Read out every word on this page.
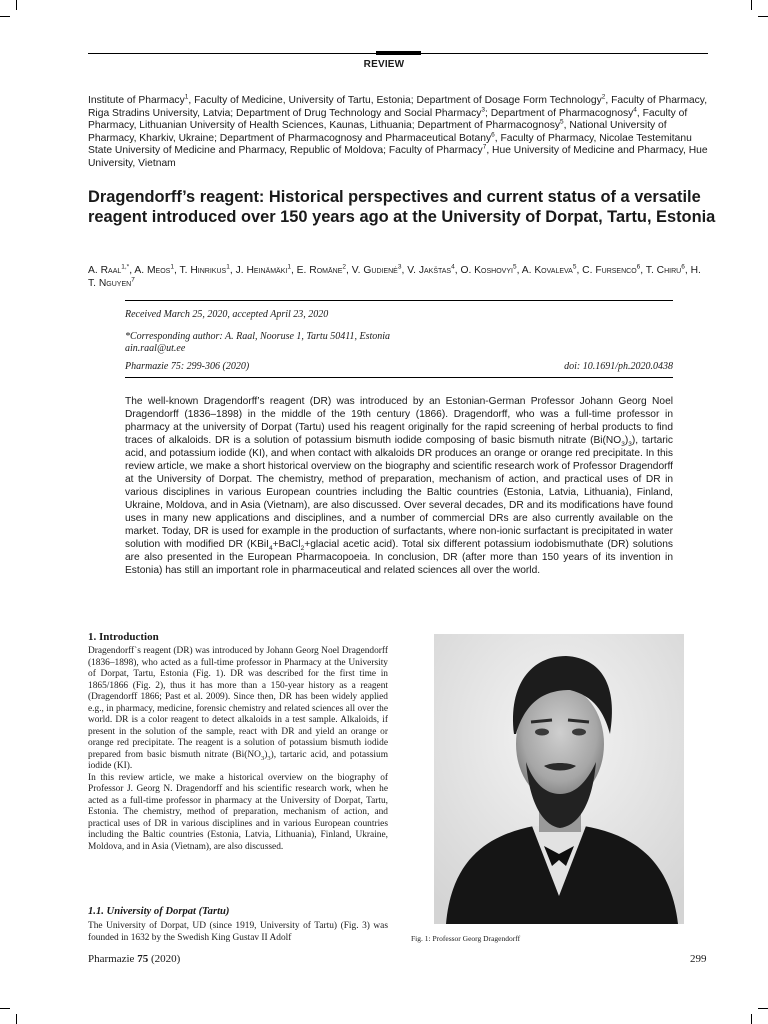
REVIEW
Institute of Pharmacy$^1$, Faculty of Medicine, University of Tartu, Estonia; Department of Dosage Form Technology$^2$, Faculty of Pharmacy, Riga Stradins University, Latvia; Department of Drug Technology and Social Pharmacy$^3$; Department of Pharmacognosy$^4$, Faculty of Pharmacy, Lithuanian University of Health Sciences, Kaunas, Lithuania; Department of Pharmacognosy$^5$, National University of Pharmacy, Kharkiv, Ukraine; Department of Pharmacognosy and Pharmaceutical Botany$^6$, Faculty of Pharmacy, Nicolae Testemitanu State University of Medicine and Pharmacy, Republic of Moldova; Faculty of Pharmacy$^7$, Hue University of Medicine and Pharmacy, Hue University, Vietnam
Dragendorff’s reagent: Historical perspectives and current status of a versatile reagent introduced over 150 years ago at the University of Dorpat, Tartu, Estonia
A. Raal$^{1,*}$, A. Meos$^1$, T. Hinrikus$^1$, J. Heinämäki$^1$, E. Romāne$^2$, V. Gudienė$^3$, V. Jakštas$^4$, O. Koshovyi$^5$, A. Kovaleva$^5$, C. Fursenco$^6$, T. Chiru$^6$, H. T. Nguyen$^7$
Received March 25, 2020, accepted April 23, 2020
*Corresponding author: A. Raal, Nooruse 1, Tartu 50411, Estonia
ain.raal@ut.ee
Pharmazie 75: 299-306 (2020)	doi: 10.1691/ph.2020.0438
The well-known Dragendorff’s reagent (DR) was introduced by an Estonian-German Professor Johann Georg Noel Dragendorff (1836–1898) in the middle of the 19th century (1866). Dragendorff, who was a full-time professor in pharmacy at the university of Dorpat (Tartu) used his reagent originally for the rapid screening of herbal products to find traces of alkaloids. DR is a solution of potassium bismuth iodide composing of basic bismuth nitrate $(Bi(NO_3)_3)$, tartaric acid, and potassium iodide (KI), and when contact with alkaloids DR produces an orange or orange red precipitate. In this review article, we make a short historical overview on the biography and scientific research work of Professor Dragendorff at the University of Dorpat. The chemistry, method of preparation, mechanism of action, and practical uses of DR in various disciplines in various European countries including the Baltic countries (Estonia, Latvia, Lithuania), Finland, Ukraine, Moldova, and in Asia (Vietnam), are also discussed. Over several decades, DR and its modifications have found uses in many new applications and disciplines, and a number of commercial DRs are also currently available on the market. Today, DR is used for example in the production of surfactants, where non-ionic surfactant is precipitated in water solution with modified DR (KBiI$_4$+BaCl$_2$+glacial acetic acid). Total six different potassium iodobismuthate (DR) solutions are also presented in the European Pharmacopoeia. In conclusion, DR (after more than 150 years of its invention in Estonia) has still an important role in pharmaceutical and related sciences all over the world.
1. Introduction

Dragendorff`s reagent (DR) was introduced by Johann Georg Noel Dragendorff (1836–1898), who acted as a full-time professor in Pharmacy at the University of Dorpat, Tartu, Estonia (Fig. 1). DR was described for the first time in 1865/1866 (Fig. 2), thus it has more than a 150-year history as a reagent (Dragendorff 1866; Past et al. 2009). Since then, DR has been widely applied e.g., in pharmacy, medicine, forensic chemistry and related sciences all over the world. DR is a color reagent to detect alkaloids in a test sample. Alkaloids, if present in the solution of the sample, react with DR and yield an orange or orange red precipitate. The reagent is a solution of potassium bismuth iodide prepared from basic bismuth nitrate $(Bi(NO_3)_3)$, tartaric acid, and potassium iodide (KI).

In this review article, we make a historical overview on the biography of Professor J. Georg N. Dragendorff and his scientific research work, when he acted as a full-time professor in pharmacy at the University of Dorpat, Tartu, Estonia. The chemistry, method of preparation, mechanism of action, and practical uses of DR in various disciplines and in various European countries including the Baltic countries (Estonia, Latvia, Lithuania), Finland, Ukraine, Moldova, and in Asia (Vietnam), are also discussed.

1.1. University of Dorpat (Tartu)
The University of Dorpat, UD (since 1919, University of Tartu) (Fig. 3) was founded in 1632 by the Swedish King Gustav II Adolf	Fig. 1: Professor Georg Dragendorff
Pharmazie 75 (2020)	299
